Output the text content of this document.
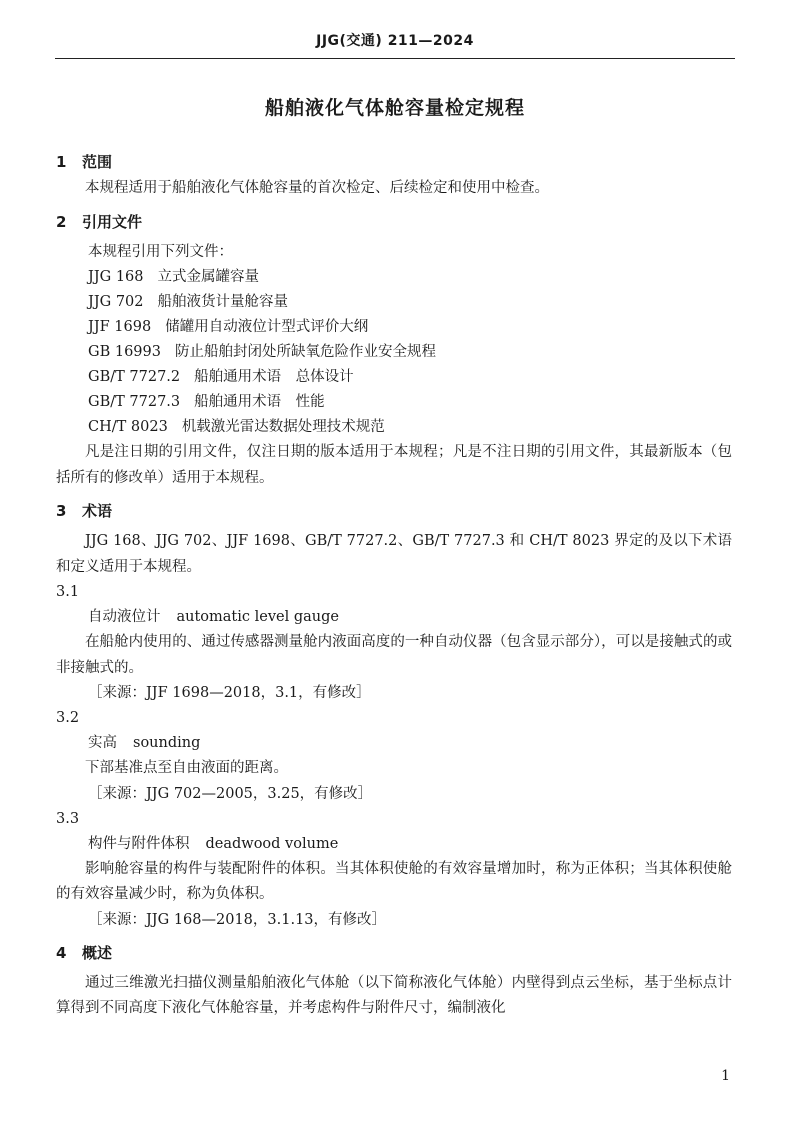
JJG(交通) 211—2024
船舶液化气体舱容量检定规程
1	范围
本规程适用于船舶液化气体舱容量的首次检定、后续检定和使用中检查。
2	引用文件
本规程引用下列文件：
JJG 168 立式金属罐容量
JJG 702 船舶液货计量舱容量
JJF 1698 储罐用自动液位计型式评价大纲
GB 16993 防止船舶封闭处所缺氧危险作业安全规程
GB/T 7727.2 船舶通用术语　总体设计
GB/T 7727.3 船舶通用术语　性能
CH/T 8023 机载激光雷达数据处理技术规范
凡是注日期的引用文件，仅注日期的版本适用于本规程；凡是不注日期的引用文件，其最新版本（包括所有的修改单）适用于本规程。
3	术语
JJG 168、JJG 702、JJF 1698、GB/T 7727.2、GB/T 7727.3 和 CH/T 8023 界定的及以下术语和定义适用于本规程。
3.1
自动液位计 automatic level gauge
在船舱内使用的、通过传感器测量舱内液面高度的一种自动仪器（包含显示部分），可以是接触式的或非接触式的。
［来源：JJF 1698—2018，3.1，有修改］
3.2
实高 sounding
下部基准点至自由液面的距离。
［来源：JJG 702—2005，3.25，有修改］
3.3
构件与附件体积 deadwood volume
影响舱容量的构件与装配附件的体积。当其体积使舱的有效容量增加时，称为正体积；当其体积使舱的有效容量减少时，称为负体积。
［来源：JJG 168—2018，3.1.13，有修改］
4	概述
通过三维激光扫描仪测量船舶液化气体舱（以下简称液化气体舱）内壁得到点云坐标，基于坐标点计算得到不同高度下液化气体舱容量，并考虑构件与附件尺寸，编制液化
1
